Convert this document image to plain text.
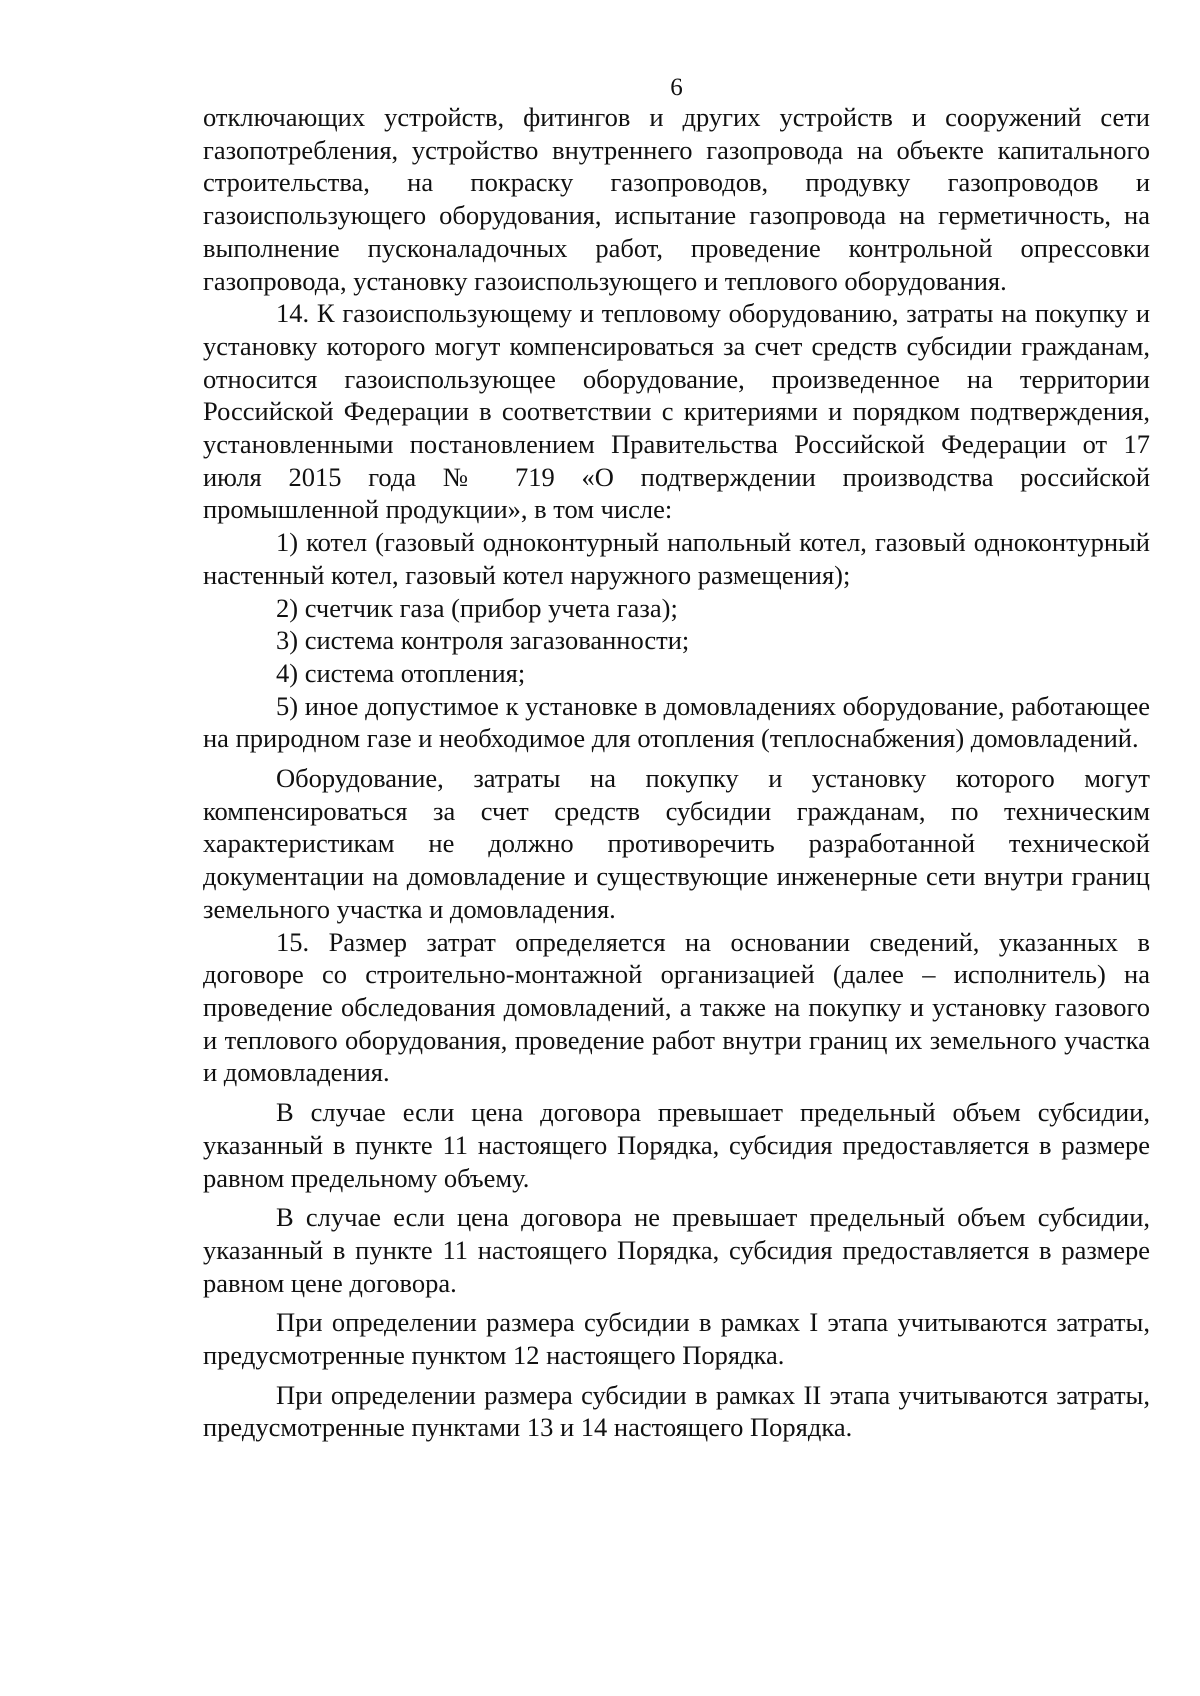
6

отключающих устройств, фитингов и других устройств и сооружений сети газопотребления, устройство внутреннего газопровода на объекте капитального строительства, на покраску газопроводов, продувку газопроводов и газоиспользующего оборудования, испытание газопровода на герметичность, на выполнение пусконаладочных работ, проведение контрольной опрессовки газопровода, установку газоиспользующего и теплового оборудования.

14. К газоиспользующему и тепловому оборудованию, затраты на покупку и установку которого могут компенсироваться за счет средств субсидии гражданам, относится газоиспользующее оборудование, произведенное на территории Российской Федерации в соответствии с критериями и порядком подтверждения, установленными постановлением Правительства Российской Федерации от 17 июля 2015 года № 719 «О подтверждении производства российской промышленной продукции», в том числе:

1) котел (газовый одноконтурный напольный котел, газовый одноконтурный настенный котел, газовый котел наружного размещения);

2) счетчик газа (прибор учета газа);

3) система контроля загазованности;

4) система отопления;

5) иное допустимое к установке в домовладениях оборудование, работающее на природном газе и необходимое для отопления (теплоснабжения) домовладений.

Оборудование, затраты на покупку и установку которого могут компенсироваться за счет средств субсидии гражданам, по техническим характеристикам не должно противоречить разработанной технической документации на домовладение и существующие инженерные сети внутри границ земельного участка и домовладения.

15. Размер затрат определяется на основании сведений, указанных в договоре со строительно-монтажной организацией (далее – исполнитель) на проведение обследования домовладений, а также на покупку и установку газового и теплового оборудования, проведение работ внутри границ их земельного участка и домовладения.

В случае если цена договора превышает предельный объем субсидии, указанный в пункте 11 настоящего Порядка, субсидия предоставляется в размере равном предельному объему.

В случае если цена договора не превышает предельный объем субсидии, указанный в пункте 11 настоящего Порядка, субсидия предоставляется в размере равном цене договора.

При определении размера субсидии в рамках I этапа учитываются затраты, предусмотренные пунктом 12 настоящего Порядка.

При определении размера субсидии в рамках II этапа учитываются затраты, предусмотренные пунктами 13 и 14 настоящего Порядка.
